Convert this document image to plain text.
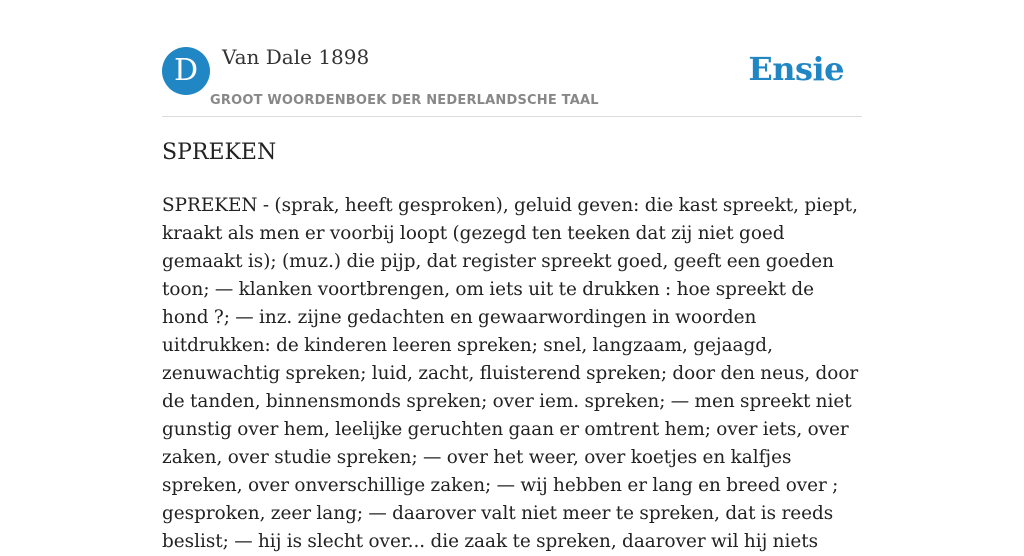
D	Van Dale 1898
GROOT WOORDENBOEK DER NEDERLANDSCHE TAAL
Ensie
SPREKEN

SPREKEN - (sprak, heeft gesproken), geluid geven: die kast spreekt, piept, kraakt als men er voorbij loopt (gezegd ten teeken dat zij niet goed gemaakt is); (muz.) die pijp, dat register spreekt goed, geeft een goeden toon; — klanken voortbrengen, om iets uit te drukken : hoe spreekt de hond ?; — inz. zijne gedachten en gewaarwordingen in woorden uitdrukken: de kinderen leeren spreken; snel, langzaam, gejaagd, zenuwachtig spreken; luid, zacht, fluisterend spreken; door den neus, door de tanden, binnensmonds spreken; over iem. spreken; — men spreekt niet gunstig over hem, leelijke geruchten gaan er omtrent hem; over iets, over zaken, over studie spreken; — over het weer, over koetjes en kalfjes spreken, over onverschillige zaken; — wij hebben er lang en breed over ; gesproken, zeer lang; — daarover valt niet meer te spreken, dat is reeds beslist; — hij is slecht over... die zaak te spreken, daarover wil hij niets
